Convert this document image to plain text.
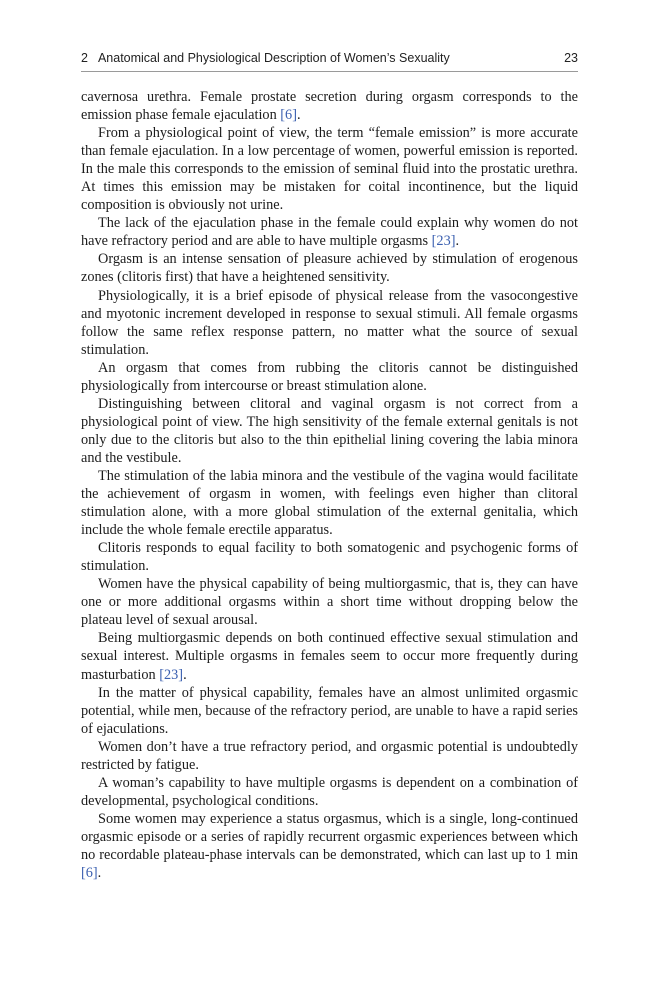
2 Anatomical and Physiological Description of Women’s Sexuality	23

cavernosa urethra. Female prostate secretion during orgasm corresponds to the emission phase female ejaculation [6].

From a physiological point of view, the term “female emission” is more accurate than female ejaculation. In a low percentage of women, powerful emission is reported. In the male this corresponds to the emission of seminal fluid into the prostatic urethra. At times this emission may be mistaken for coital incontinence, but the liquid composition is obviously not urine.

The lack of the ejaculation phase in the female could explain why women do not have refractory period and are able to have multiple orgasms [23].

Orgasm is an intense sensation of pleasure achieved by stimulation of erogenous zones (clitoris first) that have a heightened sensitivity.

Physiologically, it is a brief episode of physical release from the vasocongestive and myotonic increment developed in response to sexual stimuli. All female orgasms follow the same reflex response pattern, no matter what the source of sexual stimulation.

An orgasm that comes from rubbing the clitoris cannot be distinguished physiologically from intercourse or breast stimulation alone.

Distinguishing between clitoral and vaginal orgasm is not correct from a physiological point of view. The high sensitivity of the female external genitals is not only due to the clitoris but also to the thin epithelial lining covering the labia minora and the vestibule.

The stimulation of the labia minora and the vestibule of the vagina would facilitate the achievement of orgasm in women, with feelings even higher than clitoral stimulation alone, with a more global stimulation of the external genitalia, which include the whole female erectile apparatus.

Clitoris responds to equal facility to both somatogenic and psychogenic forms of stimulation.

Women have the physical capability of being multiorgasmic, that is, they can have one or more additional orgasms within a short time without dropping below the plateau level of sexual arousal.

Being multiorgasmic depends on both continued effective sexual stimulation and sexual interest. Multiple orgasms in females seem to occur more frequently during masturbation [23].

In the matter of physical capability, females have an almost unlimited orgasmic potential, while men, because of the refractory period, are unable to have a rapid series of ejaculations.

Women don’t have a true refractory period, and orgasmic potential is undoubtedly restricted by fatigue.

A woman’s capability to have multiple orgasms is dependent on a combination of developmental, psychological conditions.

Some women may experience a status orgasmus, which is a single, long-continued orgasmic episode or a series of rapidly recurrent orgasmic experiences between which no recordable plateau-phase intervals can be demonstrated, which can last up to 1 min [6].
